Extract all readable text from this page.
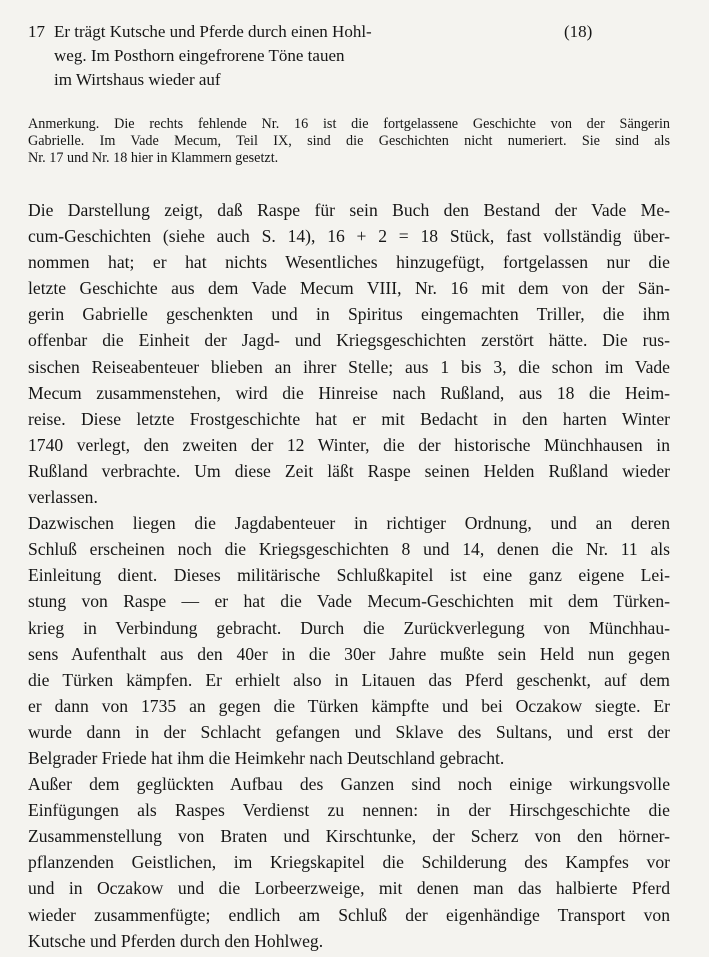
17 Er trägt Kutsche und Pferde durch einen Hohl-	(18)
weg. Im Posthorn eingefrorene Töne tauen
im Wirtshaus wieder auf
Anmerkung. Die rechts fehlende Nr. 16 ist die fortgelassene Geschichte von der Sängerin
Gabrielle. Im Vade Mecum, Teil IX, sind die Geschichten nicht numeriert. Sie sind als
Nr. 17 und Nr. 18 hier in Klammern gesetzt.
Die Darstellung zeigt, daß Raspe für sein Buch den Bestand der Vade Me-
cum-Geschichten (siehe auch S. 14), 16 + 2 = 18 Stück, fast vollständig über-
nommen hat; er hat nichts Wesentliches hinzugefügt, fortgelassen nur die
letzte Geschichte aus dem Vade Mecum VIII, Nr. 16 mit dem von der Sän-
gerin Gabrielle geschenkten und in Spiritus eingemachten Triller, die ihm
offenbar die Einheit der Jagd- und Kriegsgeschichten zerstört hätte. Die rus-
sischen Reiseabenteuer blieben an ihrer Stelle; aus 1 bis 3, die schon im Vade
Mecum zusammenstehen, wird die Hinreise nach Rußland, aus 18 die Heim-
reise. Diese letzte Frostgeschichte hat er mit Bedacht in den harten Winter
1740 verlegt, den zweiten der 12 Winter, die der historische Münchhausen in
Rußland verbrachte. Um diese Zeit läßt Raspe seinen Helden Rußland wieder
verlassen.
Dazwischen liegen die Jagdabenteuer in richtiger Ordnung, und an deren
Schluß erscheinen noch die Kriegsgeschichten 8 und 14, denen die Nr. 11 als
Einleitung dient. Dieses militärische Schlußkapitel ist eine ganz eigene Lei-
stung von Raspe — er hat die Vade Mecum-Geschichten mit dem Türken-
krieg in Verbindung gebracht. Durch die Zurückverlegung von Münchhau-
sens Aufenthalt aus den 40er in die 30er Jahre mußte sein Held nun gegen
die Türken kämpfen. Er erhielt also in Litauen das Pferd geschenkt, auf dem
er dann von 1735 an gegen die Türken kämpfte und bei Oczakow siegte. Er
wurde dann in der Schlacht gefangen und Sklave des Sultans, und erst der
Belgrader Friede hat ihm die Heimkehr nach Deutschland gebracht.
Außer dem geglückten Aufbau des Ganzen sind noch einige wirkungsvolle
Einfügungen als Raspes Verdienst zu nennen: in der Hirschgeschichte die
Zusammenstellung von Braten und Kirschtunke, der Scherz von den hörner-
pflanzenden Geistlichen, im Kriegskapitel die Schilderung des Kampfes vor
und in Oczakow und die Lorbeerzweige, mit denen man das halbierte Pferd
wieder zusammenfügte; endlich am Schluß der eigenhändige Transport von
Kutsche und Pferden durch den Hohlweg.
